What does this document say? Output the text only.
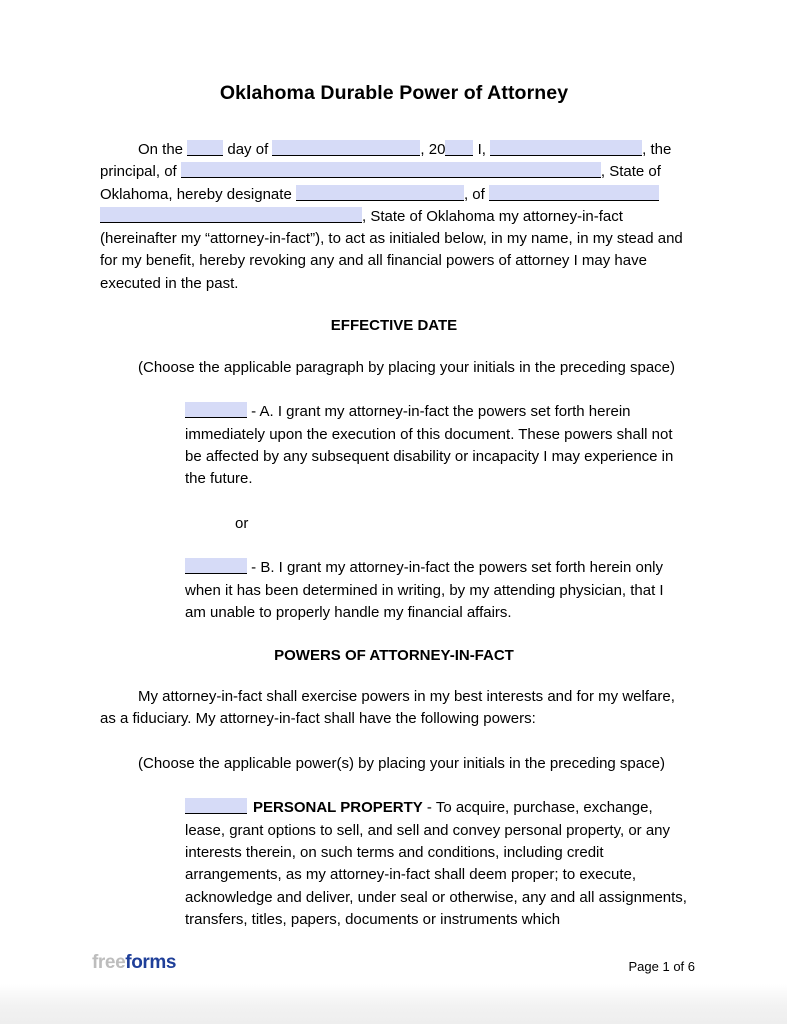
Oklahoma Durable Power of Attorney

On the  day of	, 20 I,	, the principal, of	, State of Oklahoma, hereby designate	, of , State of Oklahoma my attorney-in-fact (hereinafter my “attorney-in-fact”), to act as initialed below, in my name, in my stead and for my benefit, hereby revoking any and all financial powers of attorney I may have executed in the past.

EFFECTIVE DATE

(Choose the applicable paragraph by placing your initials in the preceding space)

- A. I grant my attorney-in-fact the powers set forth herein immediately upon the execution of this document. These powers shall not be affected by any subsequent disability or incapacity I may experience in the future.

or

- B. I grant my attorney-in-fact the powers set forth herein only when it has been determined in writing, by my attending physician, that I am unable to properly handle my financial affairs.

POWERS OF ATTORNEY-IN-FACT

My attorney-in-fact shall exercise powers in my best interests and for my welfare, as a fiduciary. My attorney-in-fact shall have the following powers:

(Choose the applicable power(s) by placing your initials in the preceding space)

PERSONAL PROPERTY - To acquire, purchase, exchange, lease, grant options to sell, and sell and convey personal property, or any interests therein, on such terms and conditions, including credit arrangements, as my attorney-in-fact shall deem proper; to execute, acknowledge and deliver, under seal or otherwise, any and all assignments, transfers, titles, papers, documents or instruments which

freeforms	Page 1 of 6
